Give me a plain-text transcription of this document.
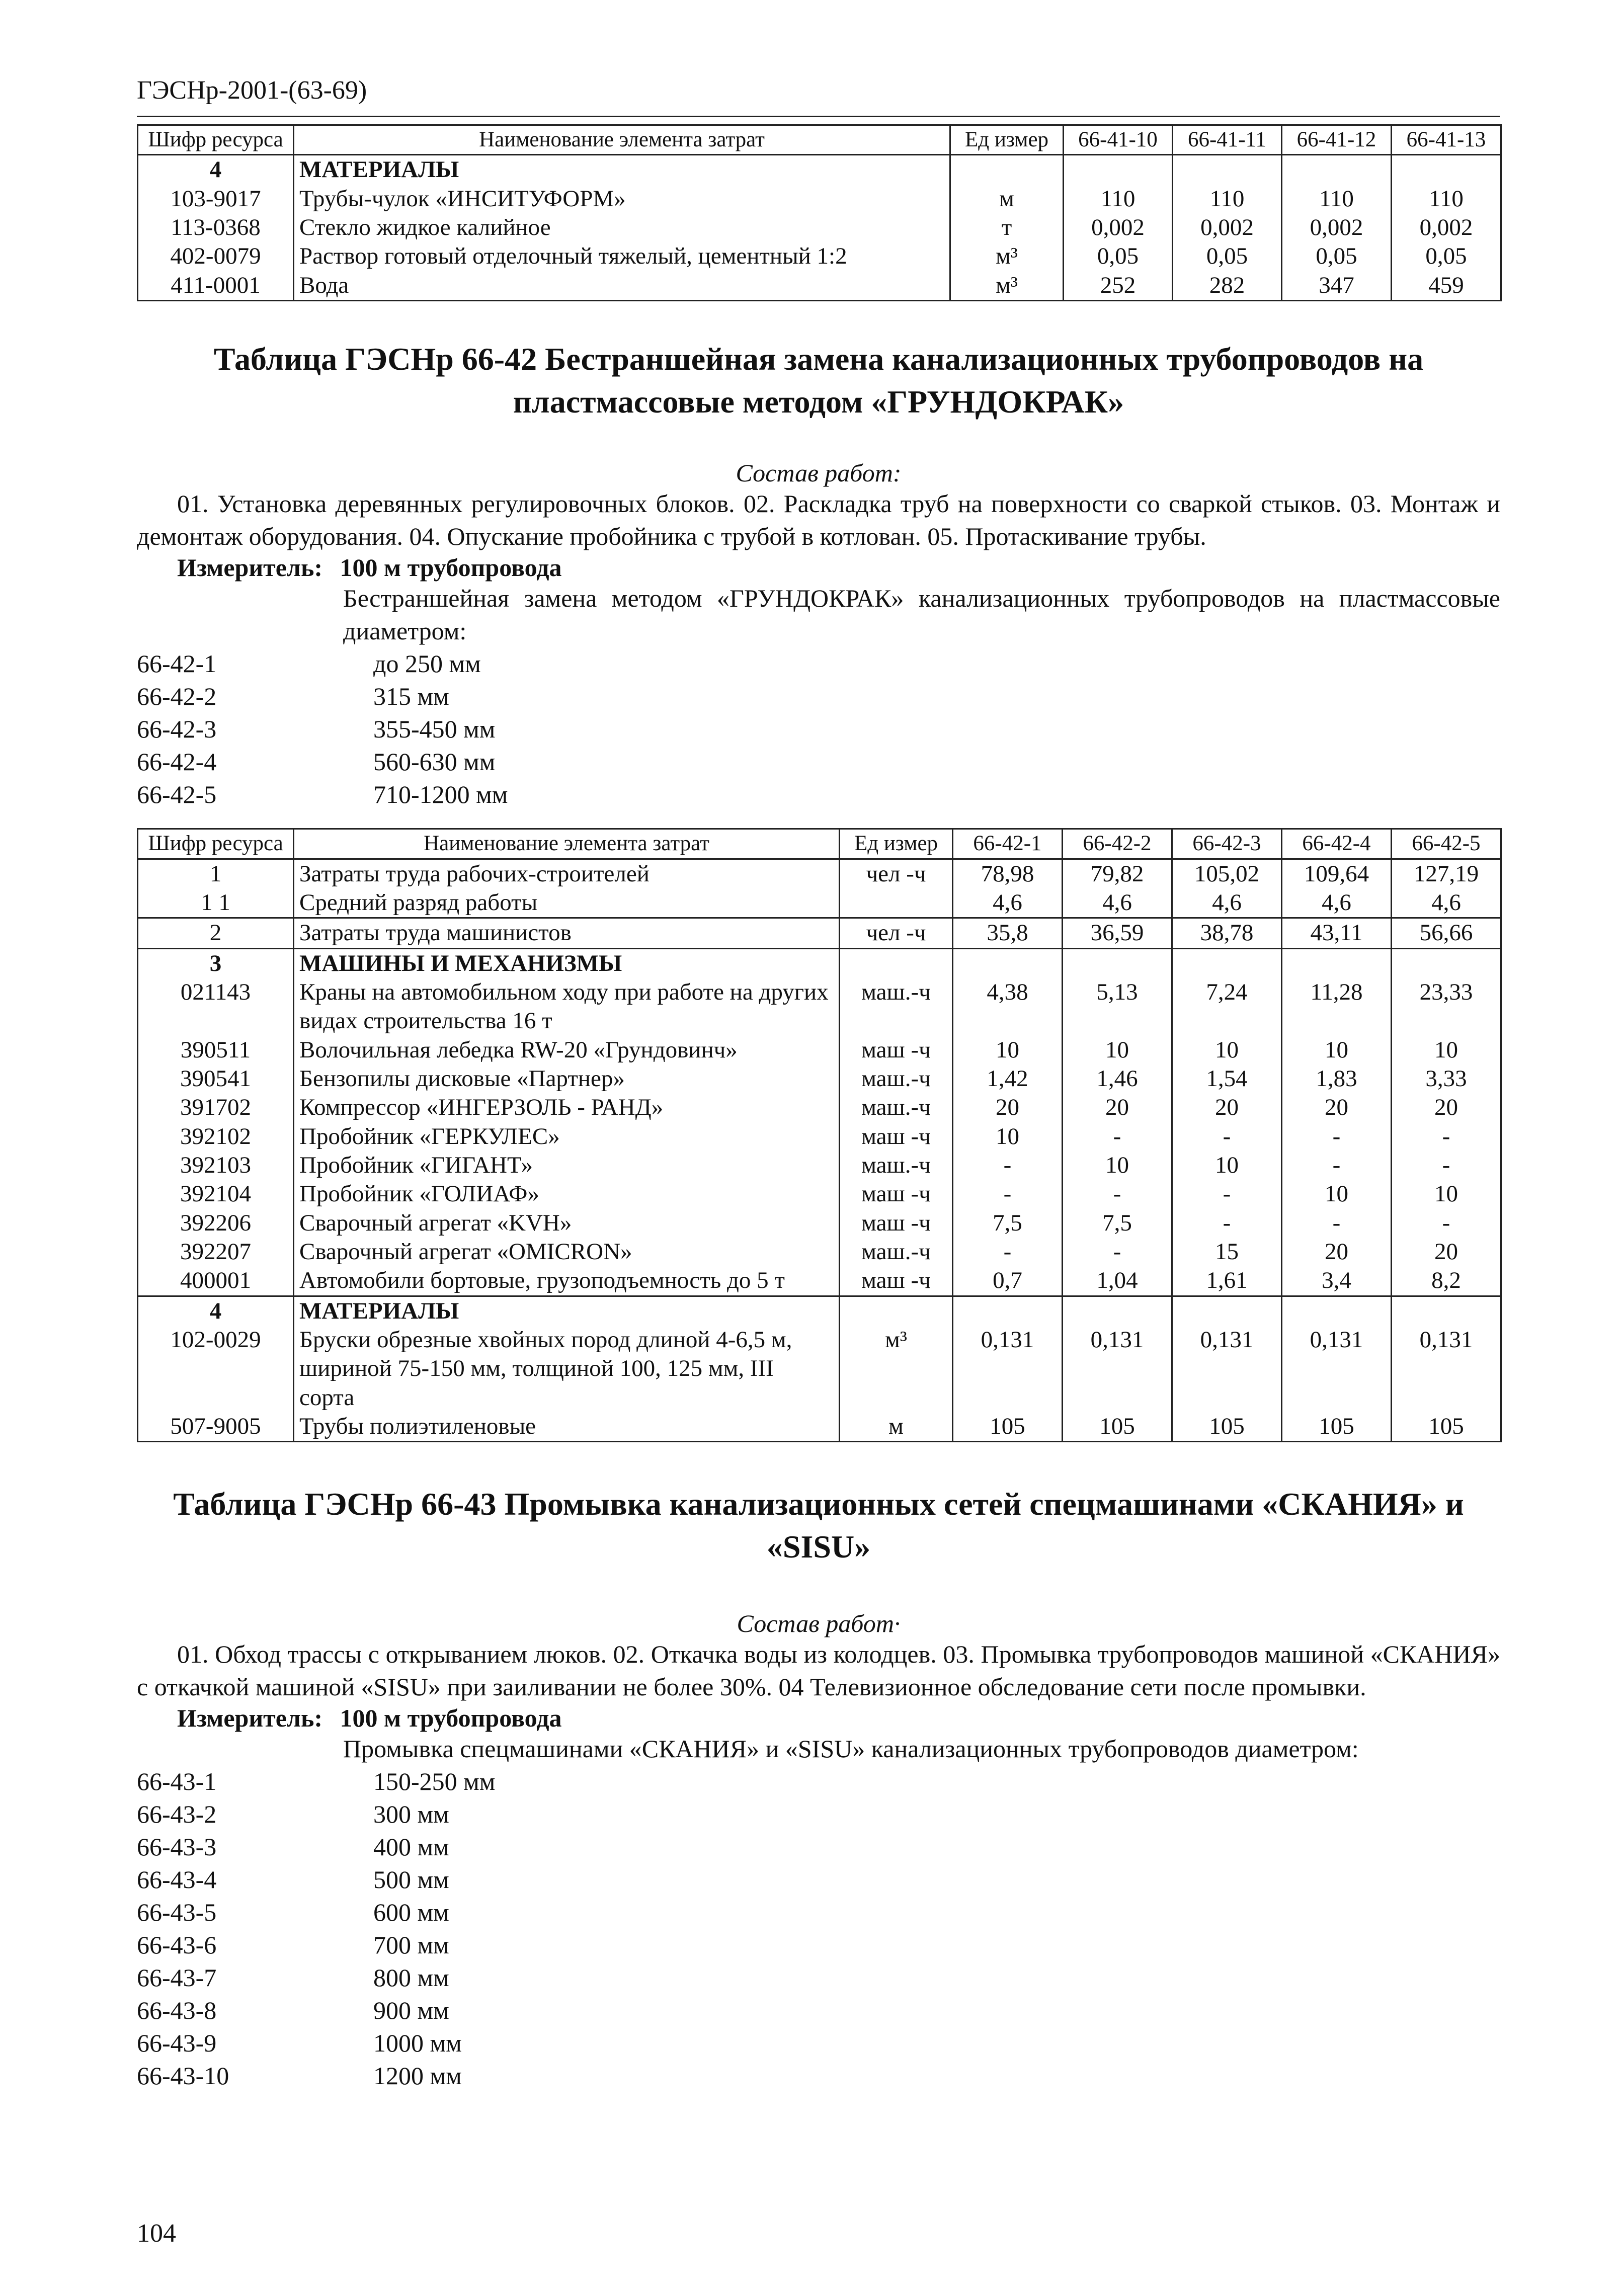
ГЭСНр-2001-(63-69)
Шифр ресурса	Наименование элемента затрат	Ед измер	66-41-10	66-41-11	66-41-12	66-41-13
4	МАТЕРИАЛЫ					
103-9017	Трубы-чулок «ИНСИТУФОРМ»	м	110	110	110	110
113-0368	Стекло жидкое калийное	т	0,002	0,002	0,002	0,002
402-0079	Раствор готовый отделочный тяжелый, цементный 1:2	м³	0,05	0,05	0,05	0,05
411-0001	Вода	м³	252	282	347	459
Таблица ГЭСНр 66-42 Бестраншейная замена канализационных трубопроводов на пластмассовые методом «ГРУНДОКРАК»
Состав работ:
01. Установка деревянных регулировочных блоков. 02. Раскладка труб на поверхности со сваркой стыков. 03. Монтаж и демонтаж оборудования. 04. Опускание пробойника с трубой в котлован. 05. Протаскивание трубы.
Измеритель: 100 м трубопровода
Бестраншейная замена методом «ГРУНДОКРАК» канализационных трубопроводов на пластмассовые диаметром:
66-42-1	до 250 мм
66-42-2	315 мм
66-42-3	355-450 мм
66-42-4	560-630 мм
66-42-5	710-1200 мм
Шифр ресурса	Наименование элемента затрат	Ед измер	66-42-1	66-42-2	66-42-3	66-42-4	66-42-5
1	Затраты труда рабочих-строителей	чел -ч	78,98	79,82	105,02	109,64	127,19
1 1	Средний разряд работы		4,6	4,6	4,6	4,6	4,6
2	Затраты труда машинистов	чел -ч	35,8	36,59	38,78	43,11	56,66
3	МАШИНЫ И МЕХАНИЗМЫ						
021143	Краны на автомобильном ходу при работе на других видах строительства 16 т	маш.-ч	4,38	5,13	7,24	11,28	23,33
390511	Волочильная лебедка RW-20 «Грундовинч»	маш -ч	10	10	10	10	10
390541	Бензопилы дисковые «Партнер»	маш.-ч	1,42	1,46	1,54	1,83	3,33
391702	Компрессор «ИНГЕРЗОЛЬ - РАНД»	маш.-ч	20	20	20	20	20
392102	Пробойник «ГЕРКУЛЕС»	маш -ч	10	-	-	-	-
392103	Пробойник «ГИГАНТ»	маш.-ч	-	10	10	-	-
392104	Пробойник «ГОЛИАФ»	маш -ч	-	-	-	10	10
392206	Сварочный агрегат «KVH»	маш -ч	7,5	7,5	-	-	-
392207	Сварочный агрегат «OMICRON»	маш.-ч	-	-	15	20	20
400001	Автомобили бортовые, грузоподъемность до 5 т	маш -ч	0,7	1,04	1,61	3,4	8,2
4	МАТЕРИАЛЫ						
102-0029	Бруски обрезные хвойных пород длиной 4-6,5 м, шириной 75-150 мм, толщиной 100, 125 мм, III сорта	м³	0,131	0,131	0,131	0,131	0,131
507-9005	Трубы полиэтиленовые	м	105	105	105	105	105
Таблица ГЭСНр 66-43 Промывка канализационных сетей спецмашинами «СКАНИЯ» и «SISU»
Состав работ·
01. Обход трассы с открыванием люков. 02. Откачка воды из колодцев. 03. Промывка трубопроводов машиной «СКАНИЯ» с откачкой машиной «SISU» при заиливании не более 30%. 04 Телевизионное обследование сети после промывки.
Измеритель: 100 м трубопровода
Промывка спецмашинами «СКАНИЯ» и «SISU» канализационных трубопроводов диаметром:
66-43-1	150-250 мм
66-43-2	300 мм
66-43-3	400 мм
66-43-4	500 мм
66-43-5	600 мм
66-43-6	700 мм
66-43-7	800 мм
66-43-8	900 мм
66-43-9	1000 мм
66-43-10	1200 мм
104
